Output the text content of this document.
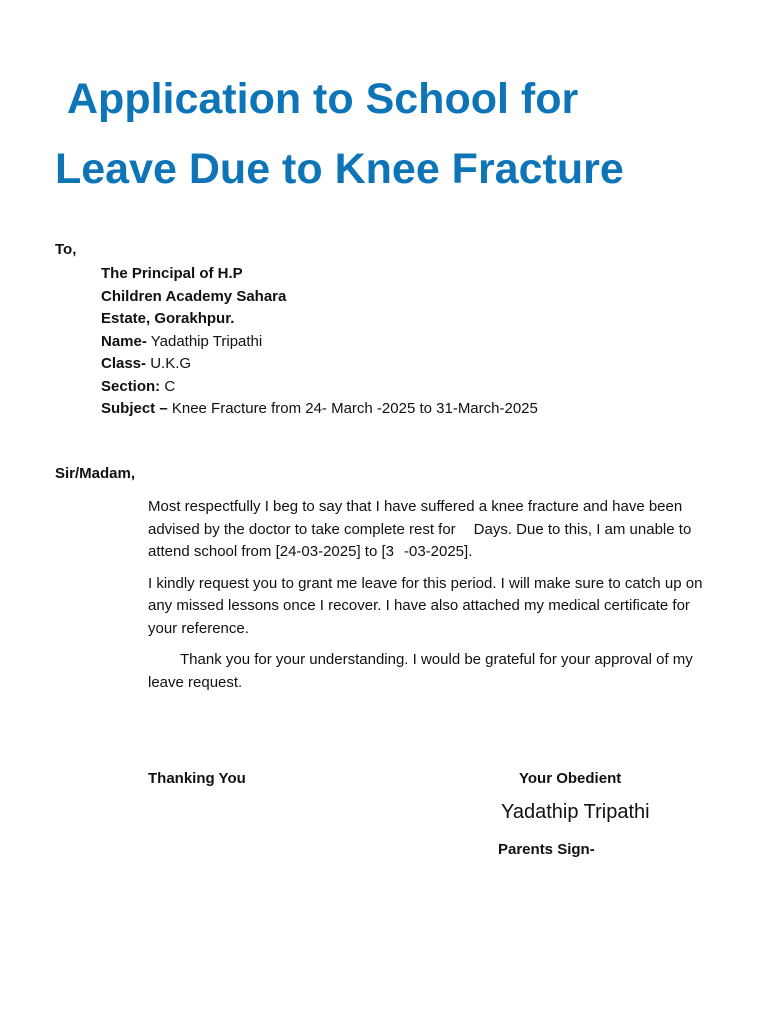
Application to School for
Leave Due to Knee Fracture
To,
The Principal of H.P
Children Academy Sahara
Estate, Gorakhpur.
Name- Yadathip Tripathi
Class- U.K.G
Section: C
Subject – Knee Fracture from 24- March -2025 to 31-March-2025
Sir/Madam,

Most respectfully I beg to say that I have suffered a knee fracture and have been advised by the doctor to take complete rest for Days. Due to this, I am unable to attend school from [24-03-2025] to [3 -03-2025].

I kindly request you to grant me leave for this period. I will make sure to catch up on any missed lessons once I recover. I have also attached my medical certificate for your reference.

Thank you for your understanding. I would be grateful for your approval of my leave request.

Thanking You	Your Obedient
Yadathip Tripathi
Parents Sign-
